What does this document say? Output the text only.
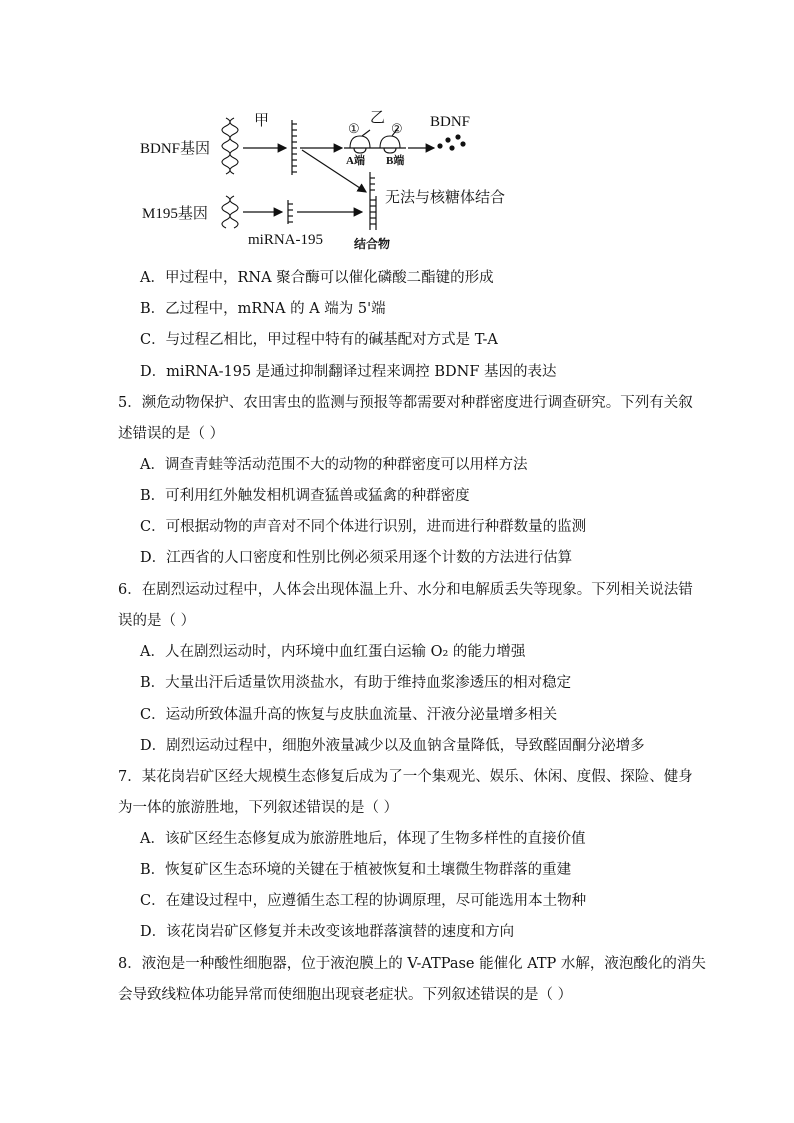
BDNF基因
甲	乙
① ②
A端 B端
BDNF
无法与核糖体结合
M195基因
miRNA-195	结合物
A．甲过程中，RNA 聚合酶可以催化磷酸二酯键的形成
B．乙过程中，mRNA 的 A 端为 5'端
C．与过程乙相比，甲过程中特有的碱基配对方式是 T-A
D．miRNA-195 是通过抑制翻译过程来调控 BDNF 基因的表达
5．濒危动物保护、农田害虫的监测与预报等都需要对种群密度进行调查研究。下列有关叙
述错误的是（ ）
A．调查青蛙等活动范围不大的动物的种群密度可以用样方法
B．可利用红外触发相机调查猛兽或猛禽的种群密度
C．可根据动物的声音对不同个体进行识别，进而进行种群数量的监测
D．江西省的人口密度和性别比例必须采用逐个计数的方法进行估算
6．在剧烈运动过程中，人体会出现体温上升、水分和电解质丢失等现象。下列相关说法错
误的是（ ）
A．人在剧烈运动时，内环境中血红蛋白运输 O₂ 的能力增强
B．大量出汗后适量饮用淡盐水，有助于维持血浆渗透压的相对稳定
C．运动所致体温升高的恢复与皮肤血流量、汗液分泌量增多相关
D．剧烈运动过程中，细胞外液量减少以及血钠含量降低，导致醛固酮分泌增多
7．某花岗岩矿区经大规模生态修复后成为了一个集观光、娱乐、休闲、度假、探险、健身
为一体的旅游胜地，下列叙述错误的是（ ）
A．该矿区经生态修复成为旅游胜地后，体现了生物多样性的直接价值
B．恢复矿区生态环境的关键在于植被恢复和土壤微生物群落的重建
C．在建设过程中，应遵循生态工程的协调原理，尽可能选用本土物种
D．该花岗岩矿区修复并未改变该地群落演替的速度和方向
8．液泡是一种酸性细胞器，位于液泡膜上的 V-ATPase 能催化 ATP 水解，液泡酸化的消失
会导致线粒体功能异常而使细胞出现衰老症状。下列叙述错误的是（ ）
